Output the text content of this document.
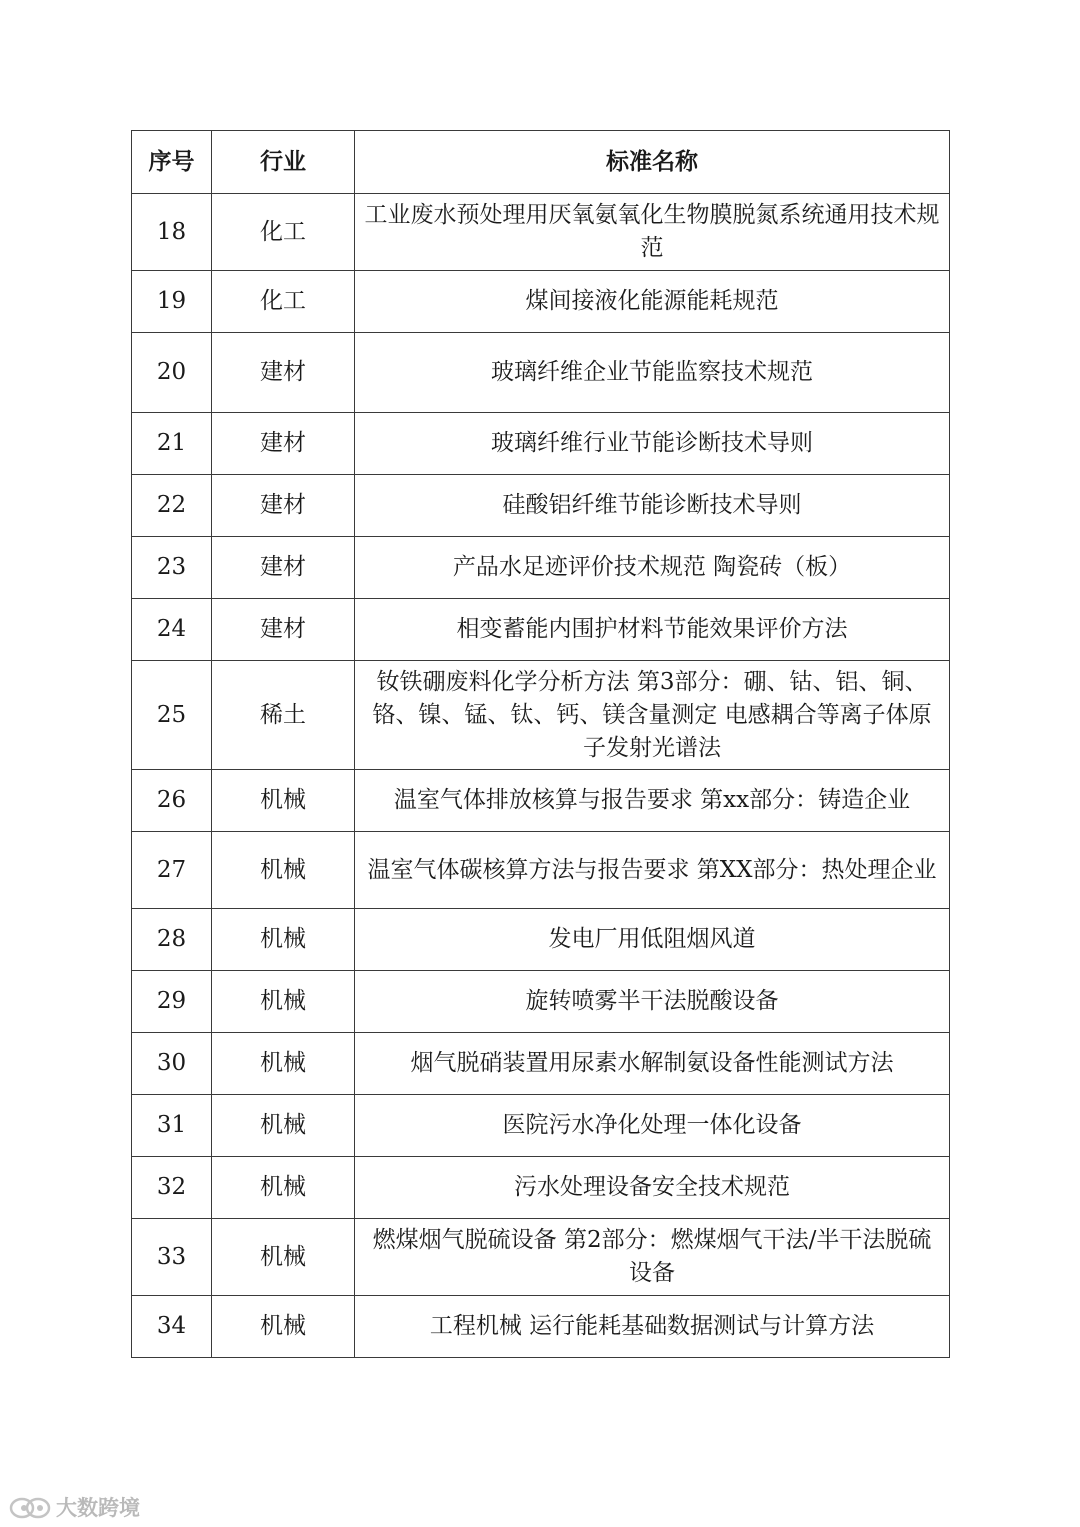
序号	行业	标准名称
18	化工	工业废水预处理用厌氧氨氧化生物膜脱氮系统通用技术规范
19	化工	煤间接液化能源能耗规范
20	建材	玻璃纤维企业节能监察技术规范
21	建材	玻璃纤维行业节能诊断技术导则
22	建材	硅酸铝纤维节能诊断技术导则
23	建材	产品水足迹评价技术规范 陶瓷砖（板）
24	建材	相变蓄能内围护材料节能效果评价方法
25	稀土	钕铁硼废料化学分析方法 第3部分：硼、钴、铝、铜、铬、镍、锰、钛、钙、镁含量测定 电感耦合等离子体原子发射光谱法
26	机械	温室气体排放核算与报告要求 第xx部分：铸造企业
27	机械	温室气体碳核算方法与报告要求 第XX部分：热处理企业
28	机械	发电厂用低阻烟风道
29	机械	旋转喷雾半干法脱酸设备
30	机械	烟气脱硝装置用尿素水解制氨设备性能测试方法
31	机械	医院污水净化处理一体化设备
32	机械	污水处理设备安全技术规范
33	机械	燃煤烟气脱硫设备 第2部分：燃煤烟气干法/半干法脱硫设备
34	机械	工程机械 运行能耗基础数据测试与计算方法
大数跨境
